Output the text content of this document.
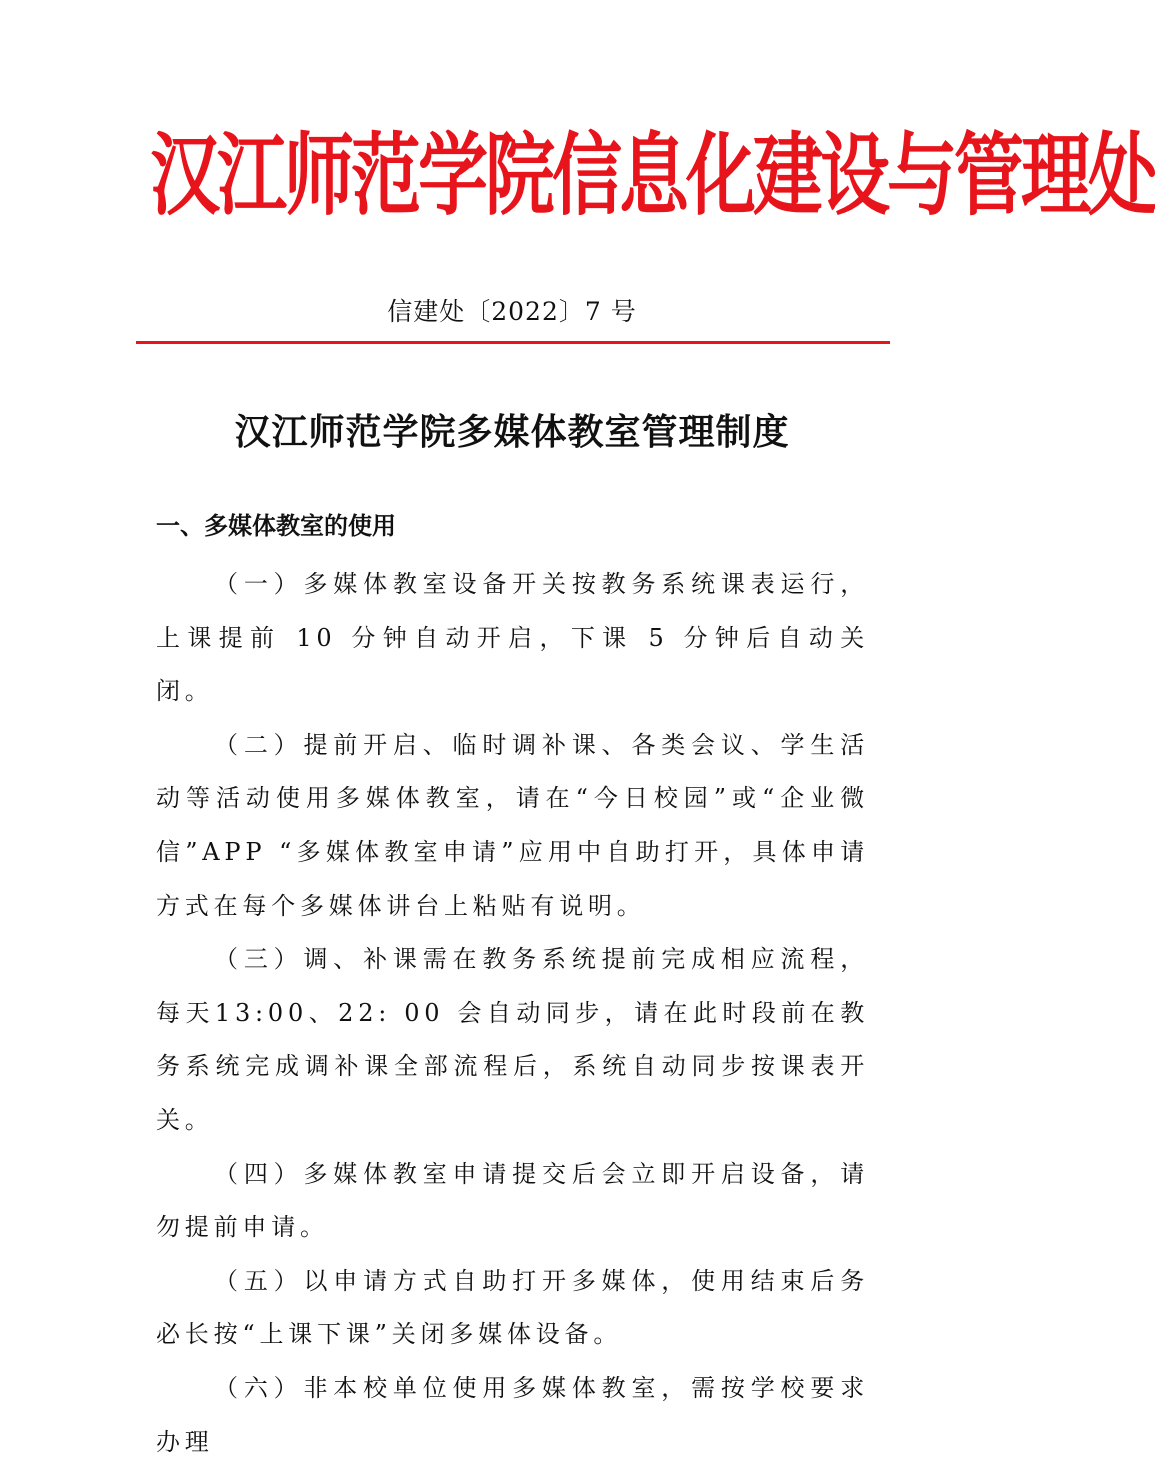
汉江师范学院信息化建设与管理处
信建处〔2022〕7 号
汉江师范学院多媒体教室管理制度
一、多媒体教室的使用

（一）多媒体教室设备开关按教务系统课表运行，上课提前 10 分钟自动开启，下课 5 分钟后自动关闭。

（二）提前开启、临时调补课、各类会议、学生活动等活动使用多媒体教室，请在“今日校园”或“企业微信”APP “多媒体教室申请”应用中自助打开，具体申请方式在每个多媒体讲台上粘贴有说明。

（三）调、补课需在教务系统提前完成相应流程，每天13:00、22: 00 会自动同步，请在此时段前在教务系统完成调补课全部流程后，系统自动同步按课表开关。

（四）多媒体教室申请提交后会立即开启设备，请勿提前申请。

（五）以申请方式自助打开多媒体，使用结束后务必长按“上课下课”关闭多媒体设备。

（六）非本校单位使用多媒体教室，需按学校要求办理
